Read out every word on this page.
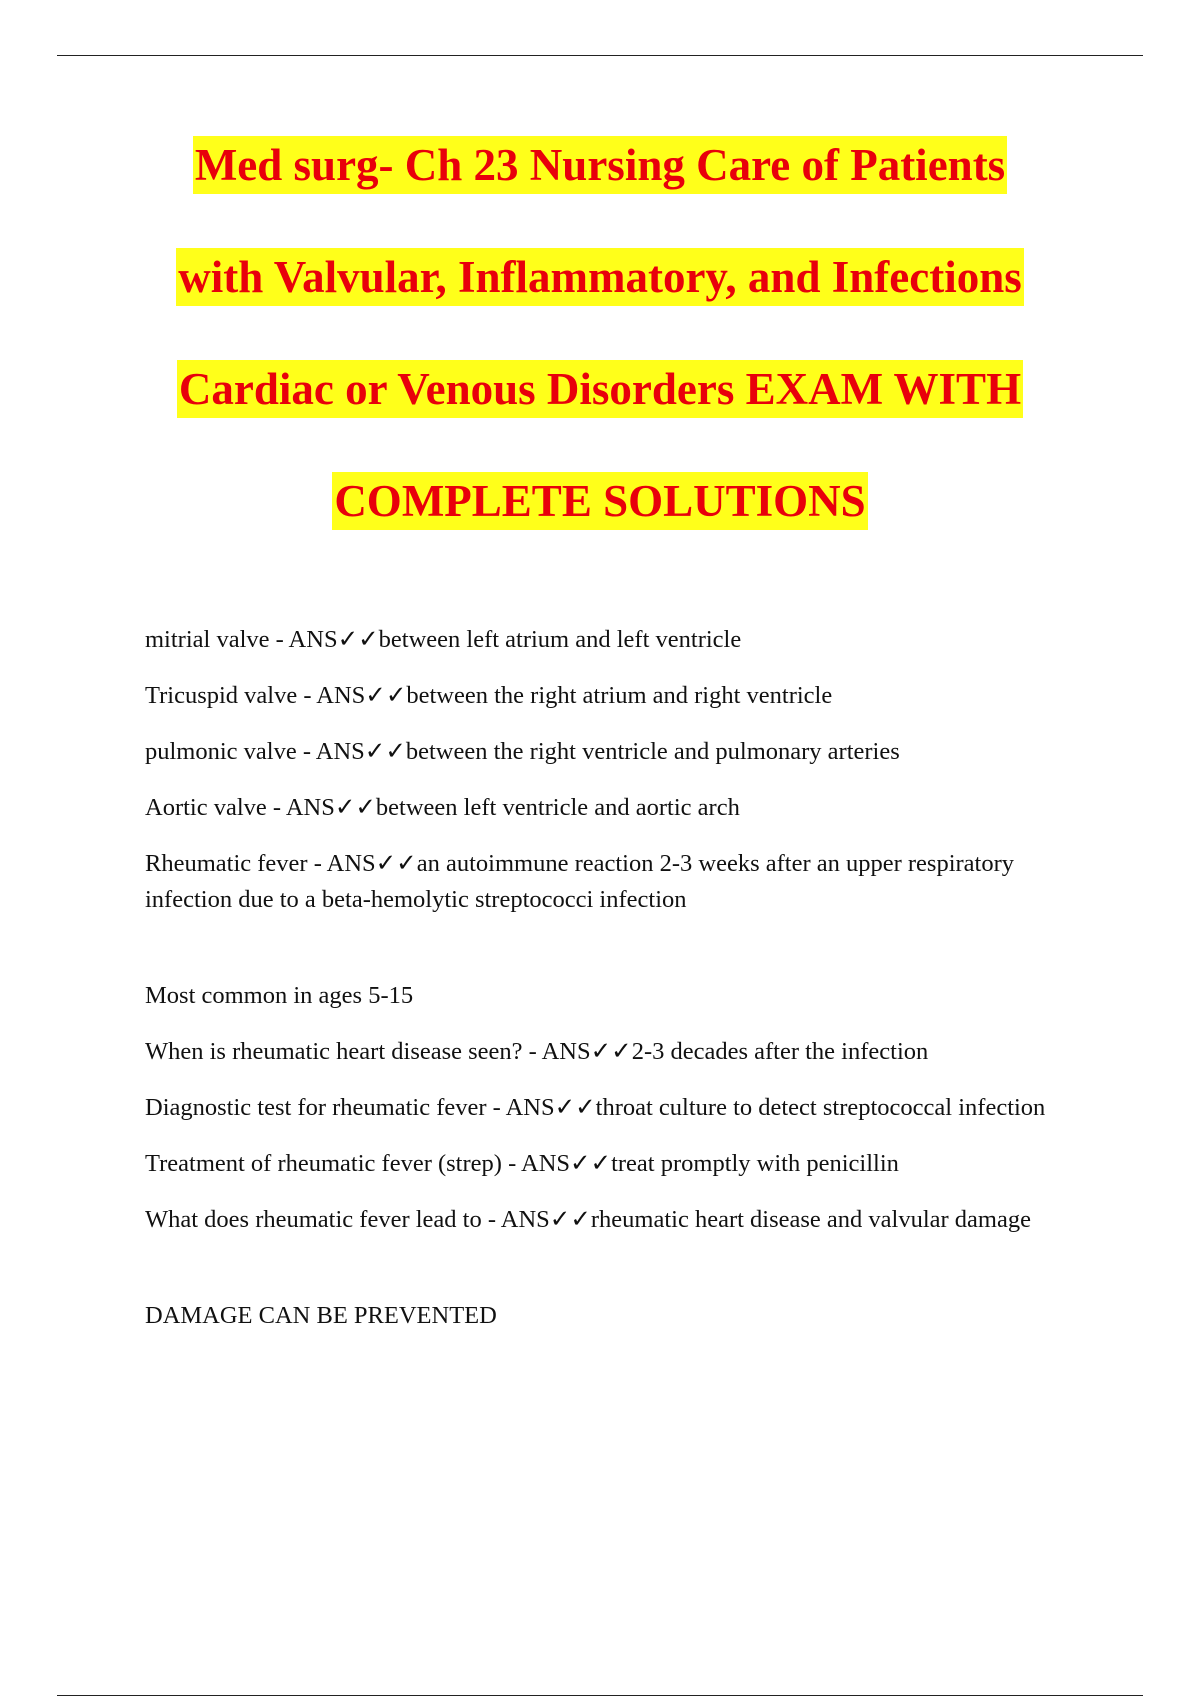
Med surg- Ch 23 Nursing Care of Patients
with Valvular, Inflammatory, and Infections
Cardiac or Venous Disorders EXAM WITH
COMPLETE SOLUTIONS

mitrial valve - ANS✓✓between left atrium and left ventricle

Tricuspid valve - ANS✓✓between the right atrium and right ventricle

pulmonic valve - ANS✓✓between the right ventricle and pulmonary arteries

Aortic valve - ANS✓✓between left ventricle and aortic arch

Rheumatic fever - ANS✓✓an autoimmune reaction 2-3 weeks after an upper respiratory infection due to a beta-hemolytic streptococci infection

Most common in ages 5-15

When is rheumatic heart disease seen? - ANS✓✓2-3 decades after the infection

Diagnostic test for rheumatic fever - ANS✓✓throat culture to detect streptococcal infection

Treatment of rheumatic fever (strep) - ANS✓✓treat promptly with penicillin

What does rheumatic fever lead to - ANS✓✓rheumatic heart disease and valvular damage

DAMAGE CAN BE PREVENTED
